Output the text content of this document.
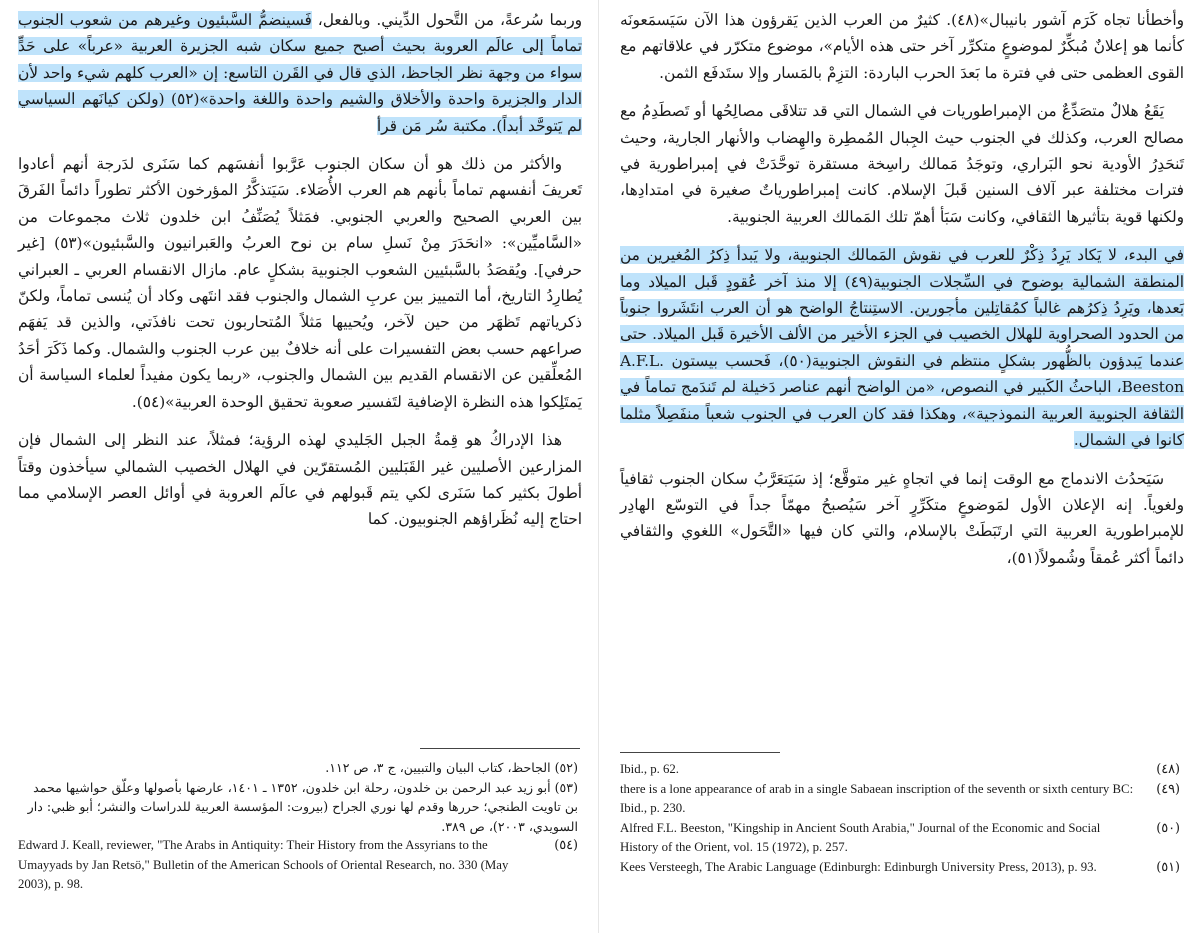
وربما سُرعةً، من التَّحول الدِّيني. وبالفعل، فَسينضمُّ السَّبئيون وغيرهم من شعوب الجنوب تماماً إلى عالَم العروبة بحيث أصبح جميع سكان شبه الجزيرة العربية «عرباً» على حَدٍّ سواء من وجهة نظر الجاحظ، الذي قال في القَرن التاسع: إن «العرب كلهم شيء واحد لأن الدار والجزيرة واحدة والأخلاق والشيم واحدة واللغة واحدة»(٥٢) (ولكن كيانَهم السياسي لم يَتوحَّد أبداً). مكتبة سُر مَن قرأ

والأكثر من ذلك هو أن سكان الجنوب عَرَّبوا أنفسَهم كما سَنَرى لدَرجة أنهم أعادوا تَعريفَ أنفسهم تماماً بأنهم هم العرب الأُصَلاء. سَيَتذكَّرُ المؤرخون الأكثر تطوراً دائماً الفَرقَ بين العربي الصحيح والعربي الجنوبي. فمَثلاً يُصَنِّفُ ابن خلدون ثلاث مجموعات من «السَّاميِّين»: «انحَدَرَ مِنْ نَسلِ سام بن نوح العربُ والعَبرانيون والسَّبئيون»(٥٣) [غير حرفي]. ويُقصَدُ بالسَّبئيين الشعوب الجنوبية بشكلٍ عام. مازال الانقسام العربي ـ العبراني يُطارِدُ التاريخ، أما التمييز بين عربِ الشمال والجنوب فقد انتَهى وكاد أن يُنسى تماماً، ولكنّ ذكرياتهم تَظهَر من حين لآخر، ويُحييها مَثلاً المُتحاربون تحت نافذَتي، والذين قد يَفهَم صراعهم حسب بعض التفسيرات على أنه خلافٌ بين عرب الجنوب والشمال. وكما ذَكَرَ أحَدُ المُعلِّقين عن الانقسام القديم بين الشمال والجنوب، «ربما يكون مفيداً لعلماء السياسة أن يَمتَلِكوا هذه النظرة الإضافية لتَفسير صعوبة تحقيق الوحدة العربية»(٥٤).

هذا الإدراكُ هو قِمةُ الجبل الجَليدي لهذه الرؤية؛ فمثلاً، عند النظر إلى الشمال فإن المزارعين الأصليين غير القَبَليين المُستقرّين في الهلال الخصيب الشمالي سيأخذون وقتاً أطولَ بكثير كما سَنَرى لكي يتم قَبولهم في عالَم العروبة في أوائل العصر الإسلامي مما احتاج إليه نُظَراؤهم الجنوبيون. كما

(٥٢) الجاحظ، كتاب البيان والتبيين، ج ٣، ص ١١٢.

(٥٣) أبو زيد عبد الرحمن بن خلدون، رحلة ابن خلدون، ١٣٥٢ ـ ١٤٠١، عارضها بأصولها وعلّق حواشيها محمد بن تاويت الطنجي؛ حررها وقدم لها نوري الجراح (بيروت: المؤسسة العربية للدراسات والنشر؛ أبو ظبي: دار السويدي، ٢٠٠٣)، ص ٣٨٩.

(٥٤)
Edward J. Keall, reviewer, "The Arabs in Antiquity: Their History from the Assyrians to the Umayyads by Jan Retsö," Bulletin of the American Schools of Oriental Research, no. 330 (May 2003), p. 98.

وأخطأنا تجاه كَرَم آشور بانيبال»(٤٨). كثيرٌ من العرب الذين يَقرؤون هذا الآن سَيَسمَعونَه كأنما هو إعلانٌ مُبكِّرٌ لموضوعٍ متكرِّر آخر حتى هذه الأيام»، موضوع متكرّر في علاقاتهم مع القوى العظمى حتى في فترة ما بَعدَ الحرب الباردة: التزِمْ بالمَسار وإلا ستَدفَع الثمن.

يَقَعُ هلالٌ متصَدِّعٌ من الإمبراطوريات في الشمال التي قد تتلاقَى مصالِحُها أو تَصطَدِمُ مع مصالح العرب، وكذلك في الجنوب حيث الجِبال المُمطِرة والهِضاب والأنهار الجارية، وحيث تَنحَدِرُ الأودية نحو البَراري، وتوجَدُ مَمالك راسِخة مستقرة توحَّدَتْ في إمبراطورية في فترات مختلفة عبر آلاف السنين قَبلَ الإسلام. كانت إمبراطورياتٌ صغيرة في امتدادِها، ولكنها قوية بتأثيرها الثقافي، وكانت سَبَأ أهمّ تلك المَمالك العربية الجنوبية.

في البدء، لا يَكاد يَرِدُ ذِكْرٌ للعرب في نقوش المَمالك الجنوبية، ولا يَبدأ ذِكرُ المُغيرين من المنطقة الشمالية بوضوح في السِّجلات الجنوبية(٤٩) إلا منذ آخر عُقودٍ قَبل الميلاد وما بَعدها، ويَرِدُ ذِكرُهم غالباً كمُقاتِلين مأجورين. الاستِنتاجُ الواضح هو أن العرب انتَشَروا جنوباً من الحدود الصحراوية للهلال الخصيب في الجزء الأخير من الألف الأخيرة قَبل الميلاد. حتى عندما يَبدؤون بالظُّهور بشكلٍ منتظم في النقوش الجنوبية(٥٠)، فَحسب بيستون A.F.L. Beeston، الباحثُ الكَبير في النصوص، «من الواضح أنهم عناصر دَخيلة لم تَندَمج تماماً في الثقافة الجنوبية العربية النموذجية»، وهكذا فقد كان العرب في الجنوب شعباً منفَصِلاً مثلما كانوا في الشمال.

سَيَحدُث الاندماج مع الوقت إنما في اتجاهٍ غير متوقَّع؛ إذ سَيَتعَرَّبُ سكان الجنوب ثقافياً ولغوياً. إنه الإعلان الأول لمَوضوعٍ متكَرِّرٍ آخر سَيُصبحُ مهمّاً جداً في التوسّع الهادِر للإمبراطورية العربية التي ارتَبَطَتْ بالإسلام، والتي كان فيها «التَّحَول» اللغوي والثقافي دائماً أكثر عُمقاً وشُمولاً(٥١)،

(٤٨)
Ibid., p. 62.
(٤٩)
there is a lone appearance of arab in a single Sabaean inscription of the seventh or sixth century BC: Ibid., p. 230.
(٥٠)
Alfred F.L. Beeston, "Kingship in Ancient South Arabia," Journal of the Economic and Social History of the Orient, vol. 15 (1972), p. 257.
(٥١)
Kees Versteegh, The Arabic Language (Edinburgh: Edinburgh University Press, 2013), p. 93.
